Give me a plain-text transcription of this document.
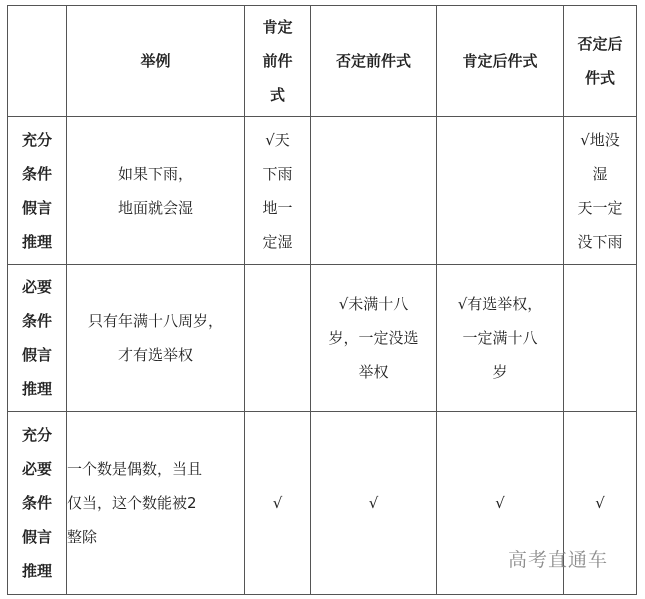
	举例	肯定
前件
式	否定前件式	肯定后件式	否定后
件式

充分
条件
假言
推理	如果下雨，
地面就会湿	√天
下雨
地一
定湿			√地没
湿
天一定
没下雨

必要
条件
假言
推理	只有年满十八周岁，
才有选举权		√未满十八
岁，一定没选
举权	√有选举权，
一定满十八
岁	

充分
必要
条件
假言
推理	一个数是偶数，当且
仅当，这个数能被2
整除	√	√	√	√
高考直通车
